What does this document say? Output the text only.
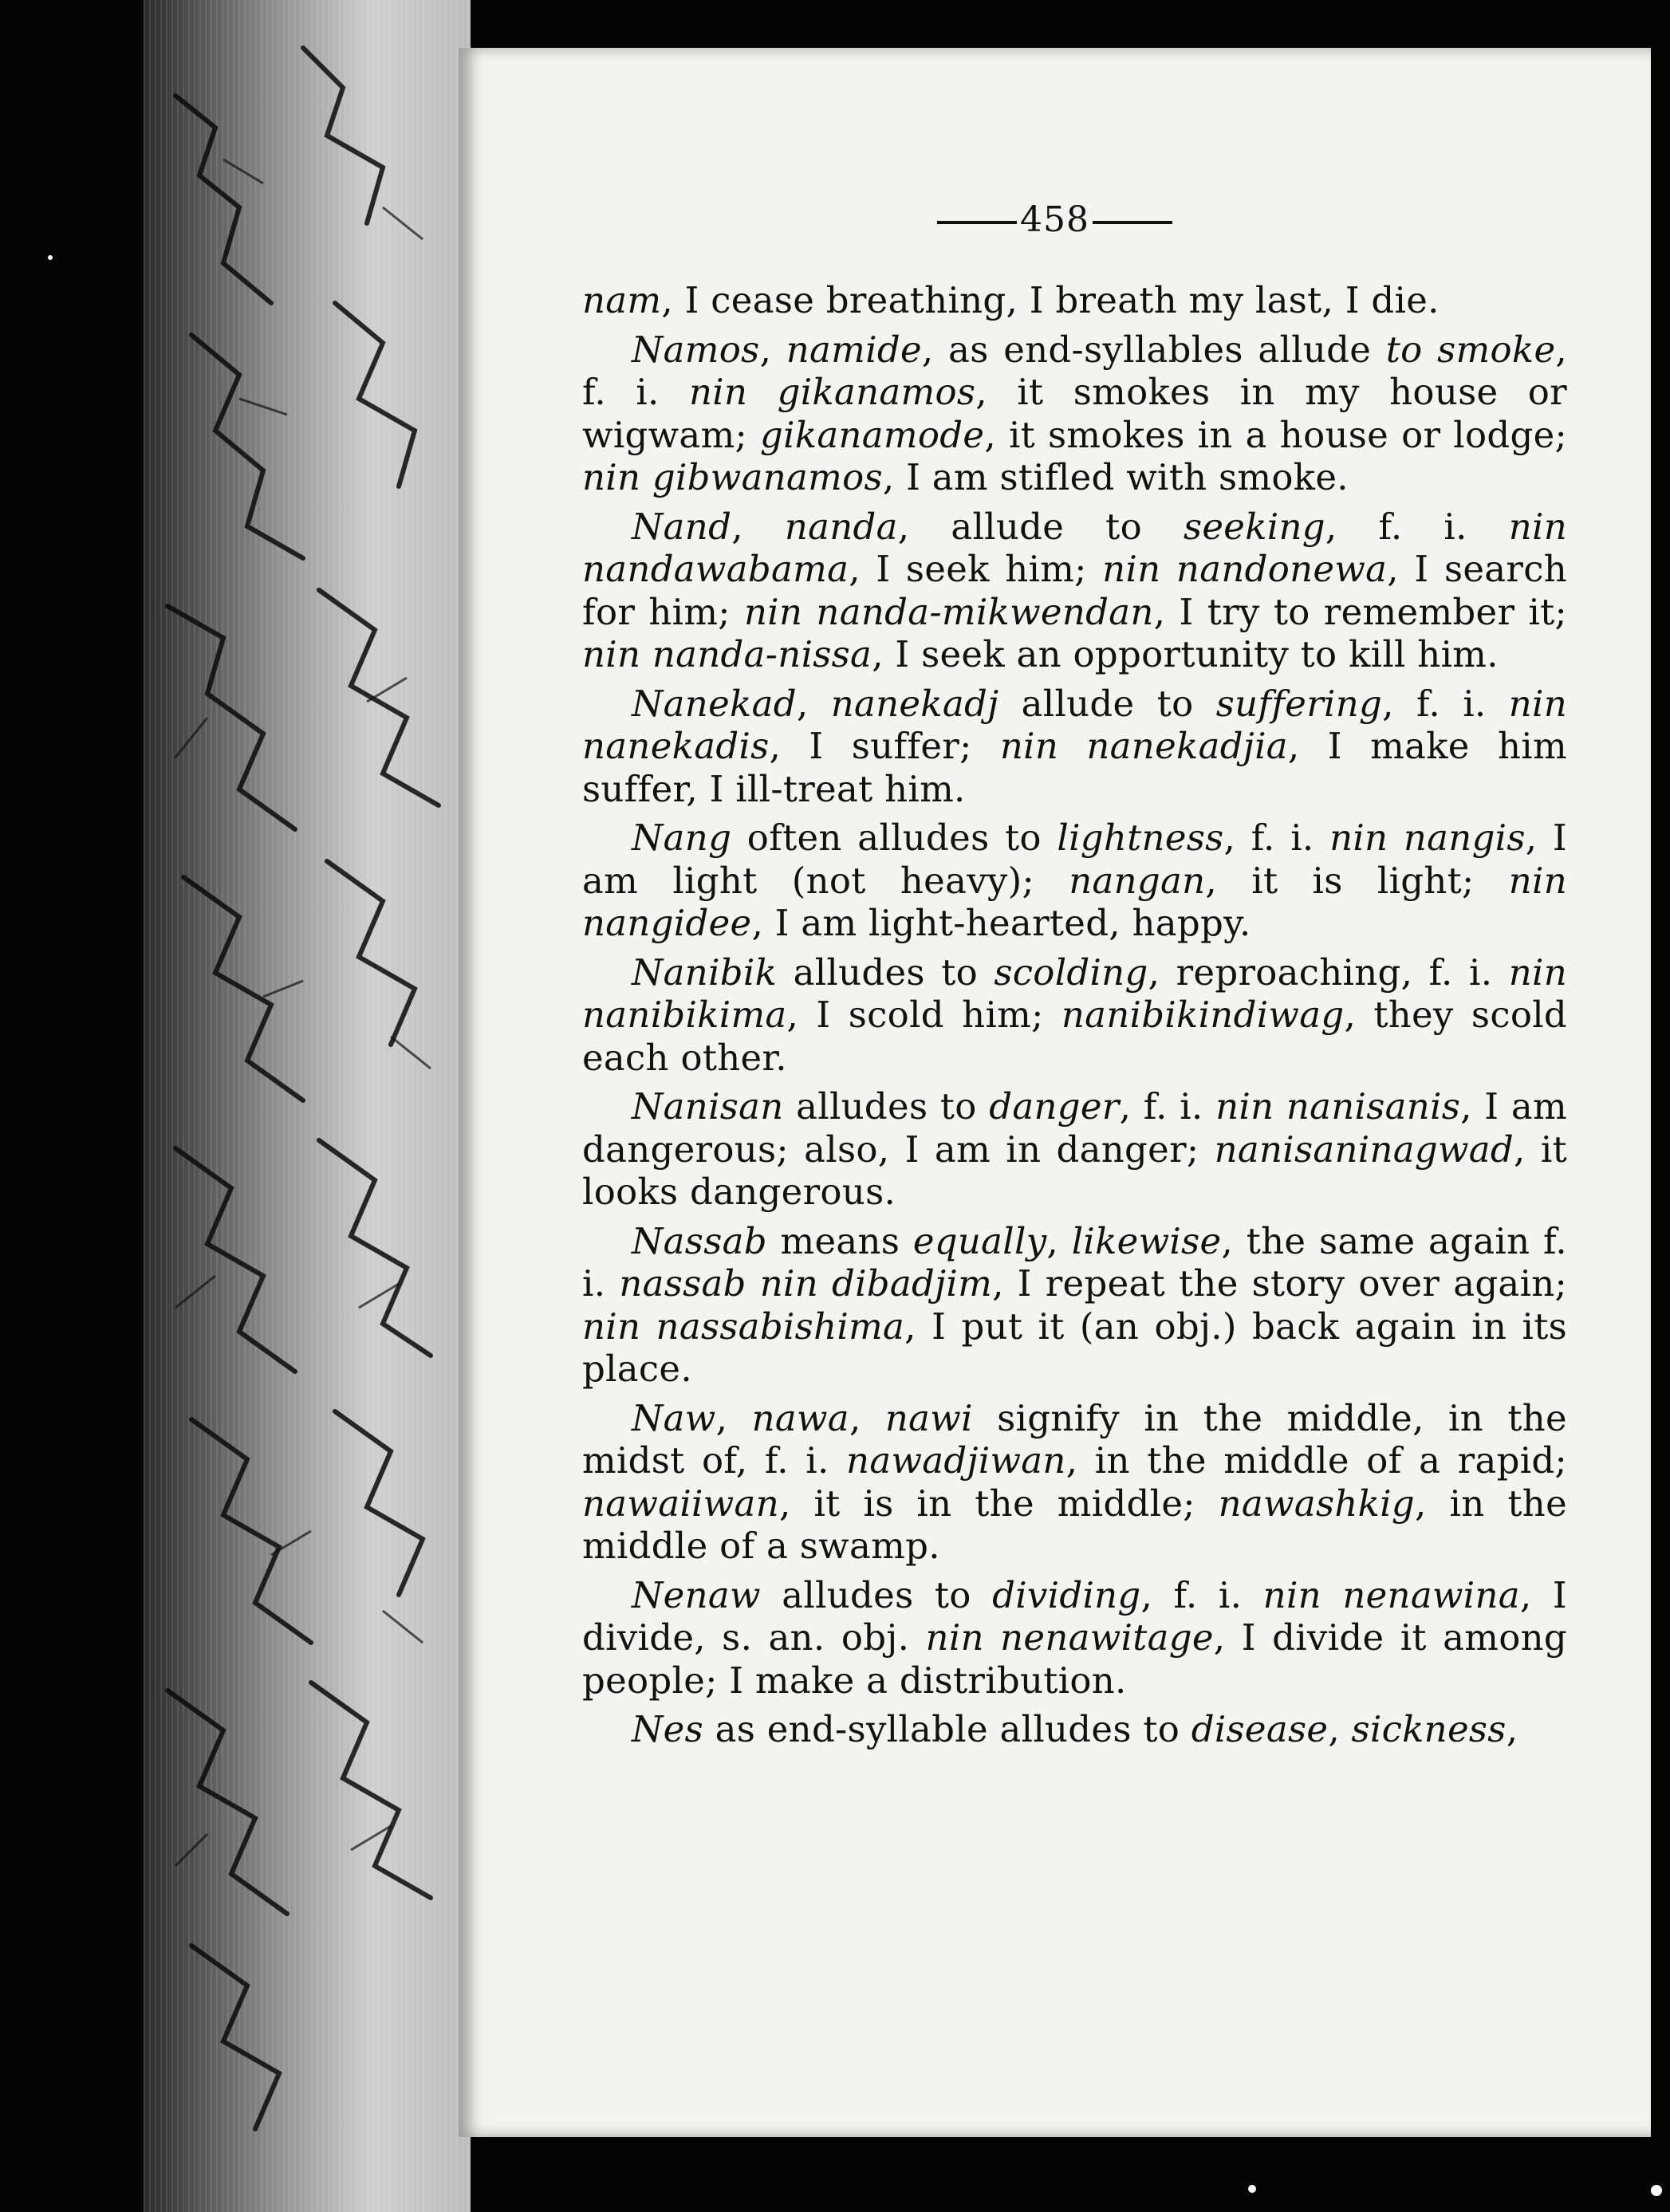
458

nam, I cease breathing, I breath my last, I die.

Namos, namide, as end-syllables allude to smoke, f. i. nin gikanamos, it smokes in my house or wigwam; gikanamode, it smokes in a house or lodge; nin gibwanamos, I am stifled with smoke.

Nand, nanda, allude to seeking, f. i. nin nandawabama, I seek him; nin nandonewa, I search for him; nin nanda-mikwendan, I try to remember it; nin nanda-nissa, I seek an opportunity to kill him.

Nanekad, nanekadj allude to suffering, f. i. nin nanekadis, I suffer; nin nanekadjia, I make him suffer, I ill-treat him.

Nang often alludes to lightness, f. i. nin nangis, I am light (not heavy); nangan, it is light; nin nangidee, I am light-hearted, happy.

Nanibik alludes to scolding, reproaching, f. i. nin nanibikima, I scold him; nanibikindiwag, they scold each other.

Nanisan alludes to danger, f. i. nin nanisanis, I am dangerous; also, I am in danger; nanisaninagwad, it looks dangerous.

Nassab means equally, likewise, the same again f. i. nassab nin dibadjim, I repeat the story over again; nin nassabishima, I put it (an obj.) back again in its place.

Naw, nawa, nawi signify in the middle, in the midst of, f. i. nawadjiwan, in the middle of a rapid; nawaiiwan, it is in the middle; nawashkig, in the middle of a swamp.

Nenaw alludes to dividing, f. i. nin nenawina, I divide, s. an. obj. nin nenawitage, I divide it among people; I make a distribution.

Nes as end-syllable alludes to disease, sickness,
